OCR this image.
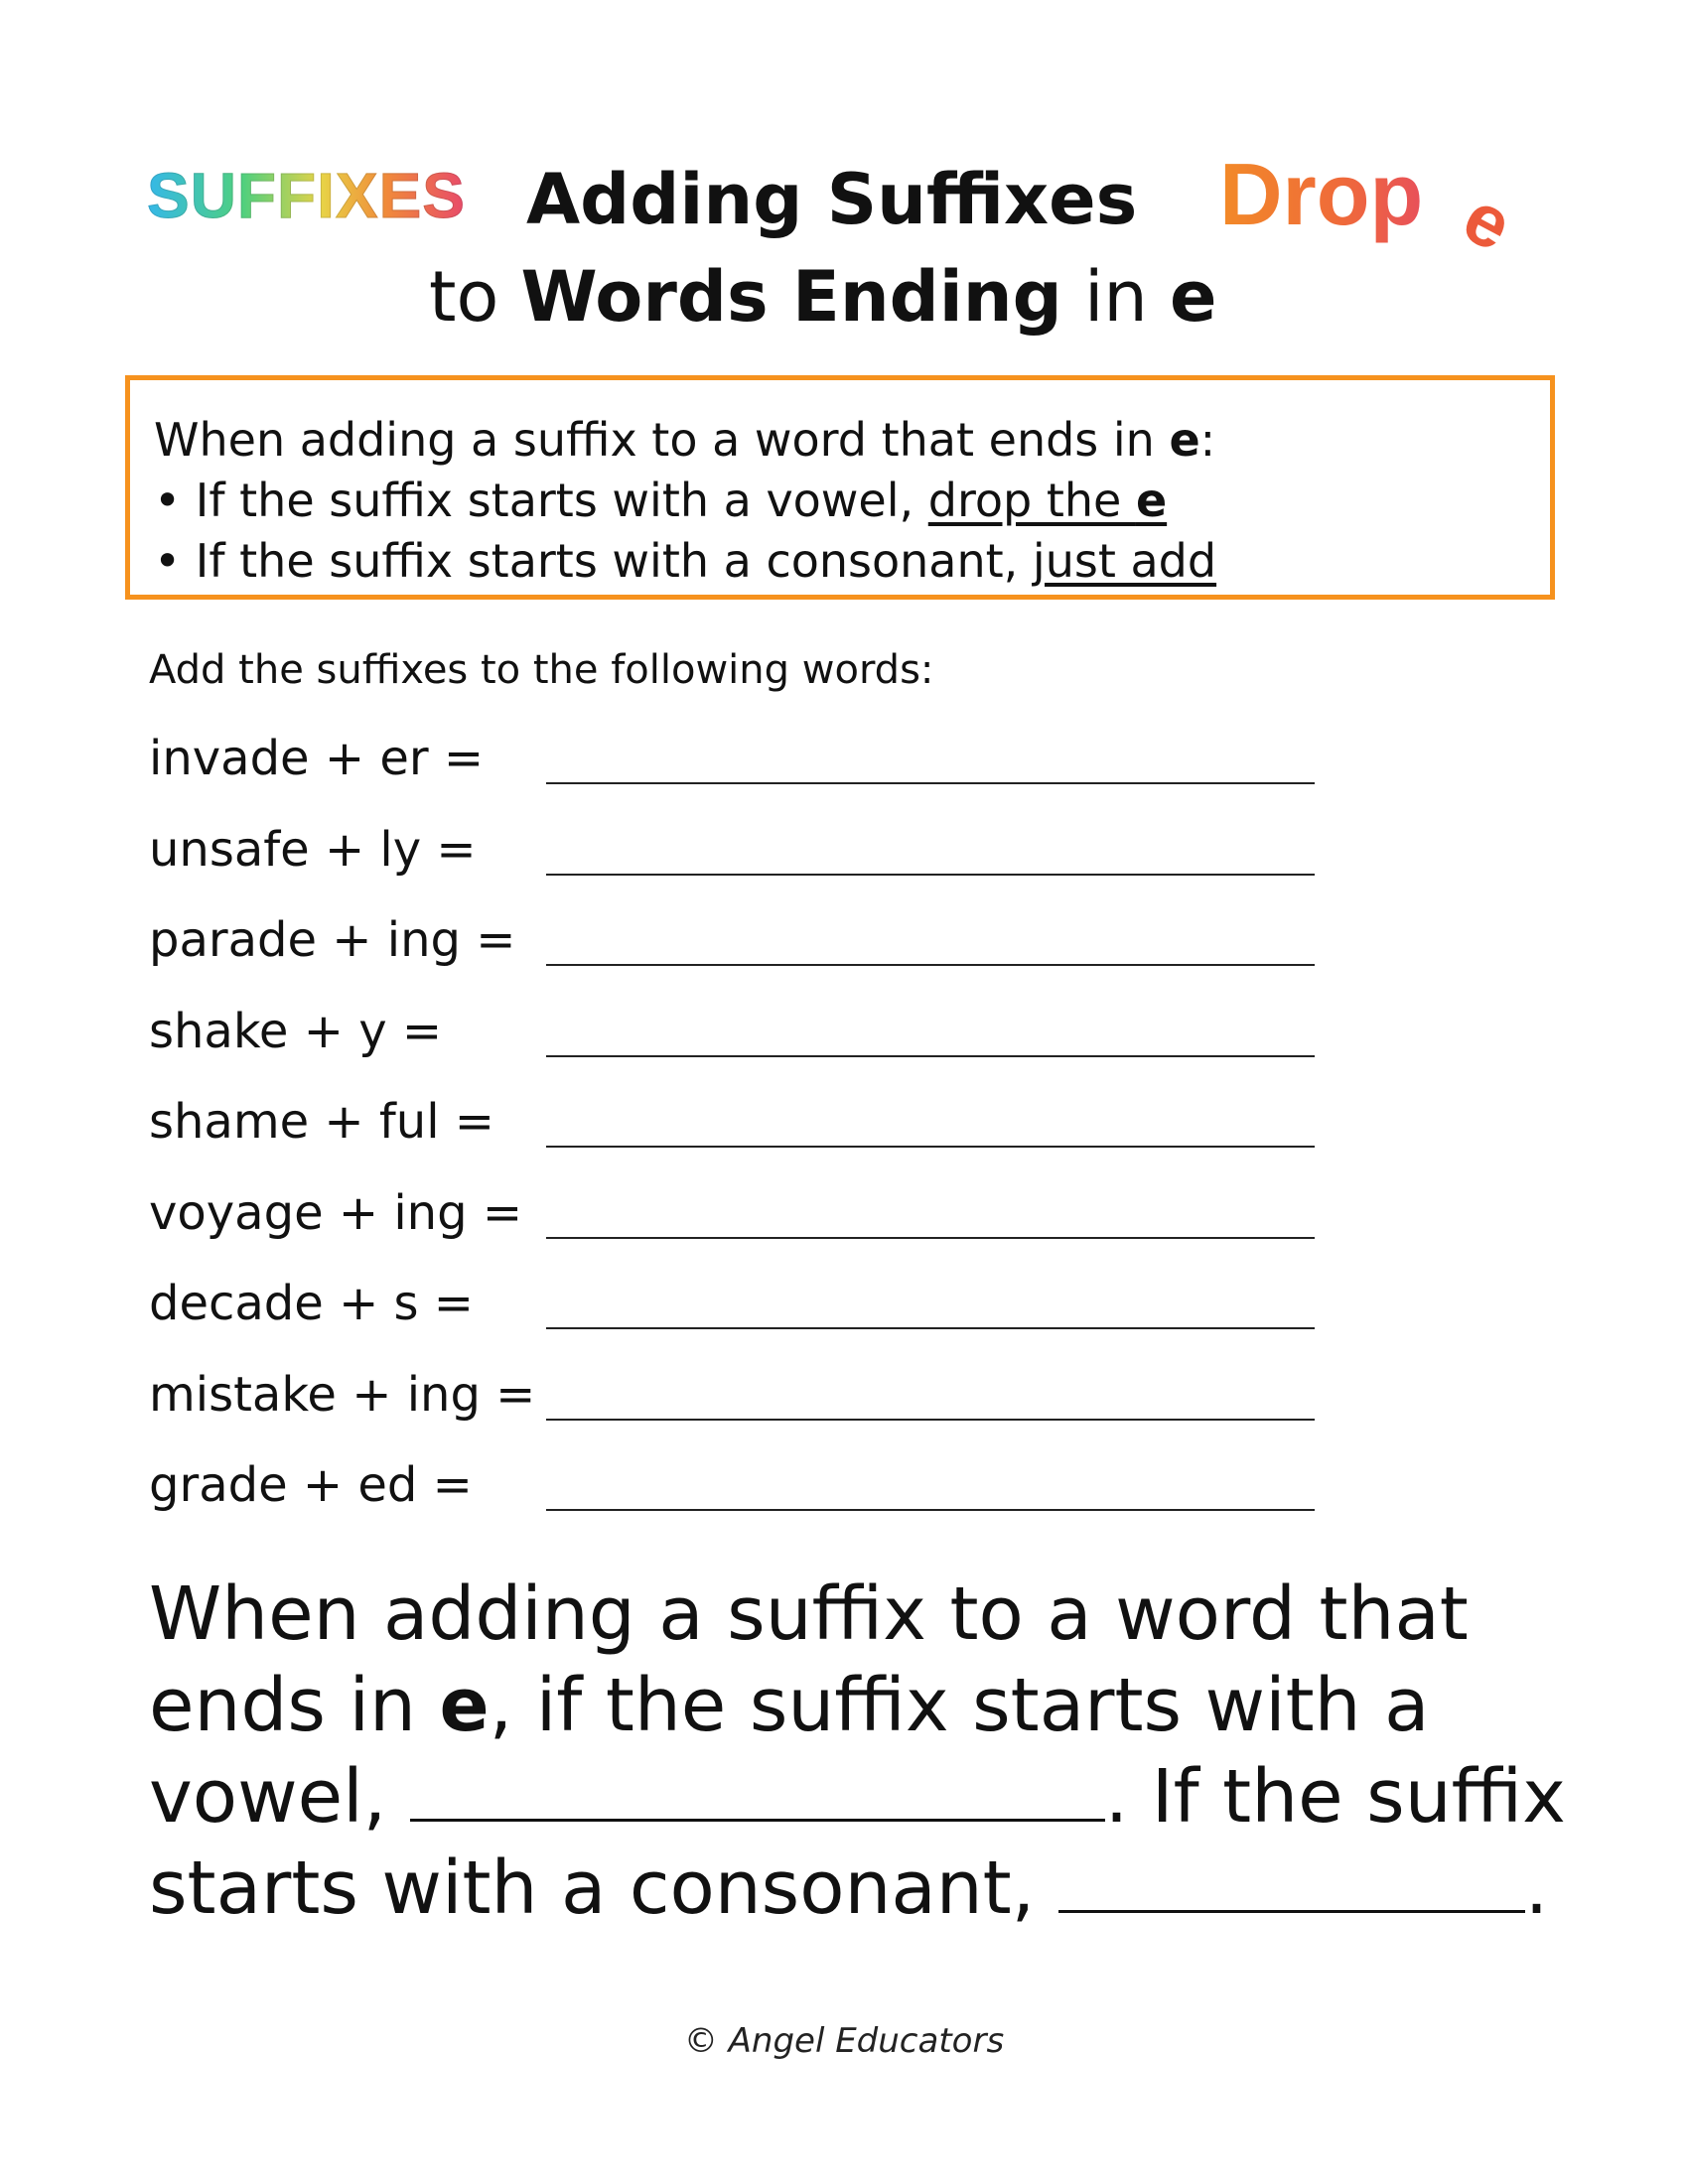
SUFFIXES Adding Suffixes
to Words Ending in e
Drop e
When adding a suffix to a word that ends in e:
• If the suffix starts with a vowel, drop the e
• If the suffix starts with a consonant, just add
Add the suffixes to the following words:
invade + er =
unsafe + ly =
parade + ing =
shake + y =
shame + ful =
voyage + ing =
decade + s =
mistake + ing =
grade + ed =
When adding a suffix to a word that
ends in e, if the suffix starts with a
vowel,	. If the suffix
starts with a consonant,	.
© Angel Educators
